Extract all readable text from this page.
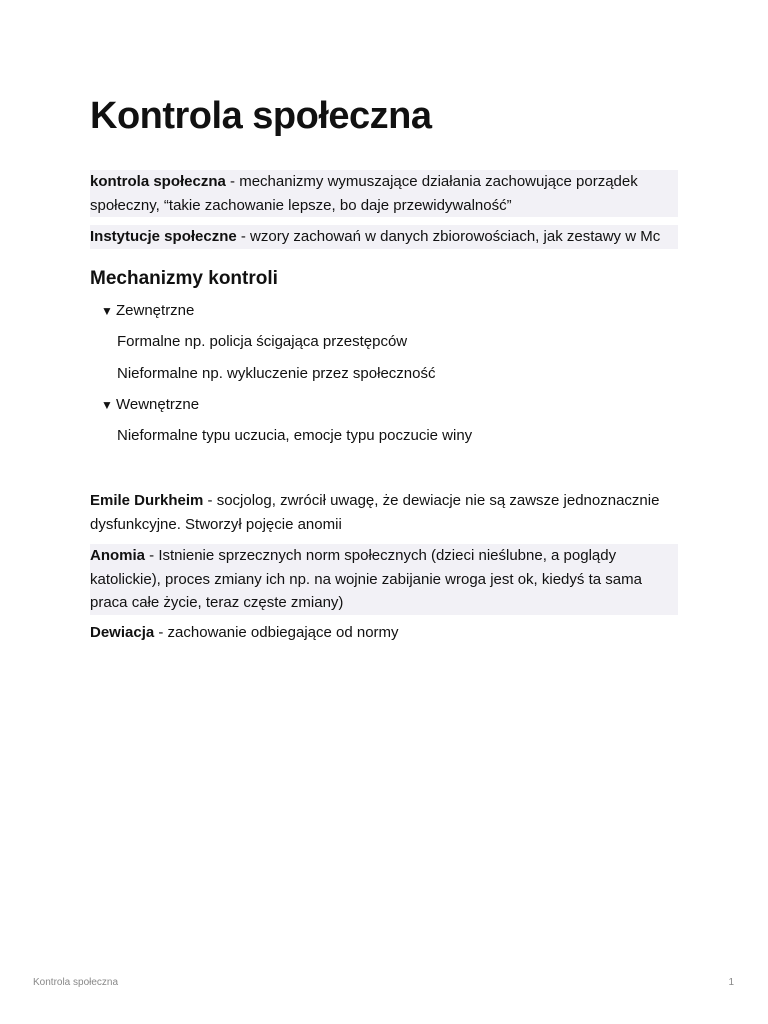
Kontrola społeczna
kontrola społeczna - mechanizmy wymuszające działania zachowujące porządek społeczny, “takie zachowanie lepsze, bo daje przewidywalność”
Instytucje społeczne - wzory zachowań w danych zbiorowościach, jak zestawy w Mc
Mechanizmy kontroli
▼ Zewnętrzne
Formalne np. policja ścigająca przestępców
Nieformalne np. wykluczenie przez społeczność
▼ Wewnętrzne
Nieformalne typu uczucia, emocje typu poczucie winy
Emile Durkheim - socjolog, zwrócił uwagę, że dewiacje nie są zawsze jednoznacznie dysfunkcyjne. Stworzył pojęcie anomii
Anomia - Istnienie sprzecznych norm społecznych (dzieci nieślubne, a poglądy katolickie), proces zmiany ich np. na wojnie zabijanie wroga jest ok, kiedyś ta sama praca całe życie, teraz częste zmiany)
Dewiacja - zachowanie odbiegające od normy
Kontrola społeczna	1
